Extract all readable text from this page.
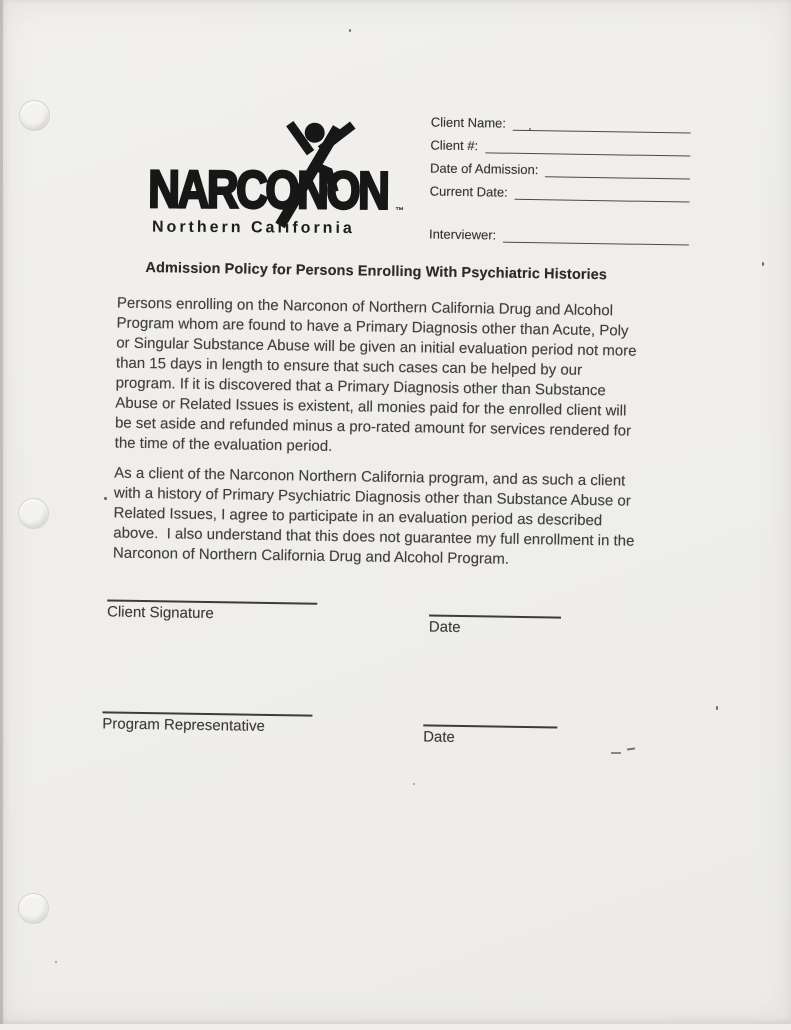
NARCONON ™
Northern California
Client Name:
Client #:
Date of Admission:
Current Date:
Interviewer:
Admission Policy for Persons Enrolling With Psychiatric Histories
Persons enrolling on the Narconon of Northern California Drug and Alcohol
Program whom are found to have a Primary Diagnosis other than Acute, Poly
or Singular Substance Abuse will be given an initial evaluation period not more
than 15 days in length to ensure that such cases can be helped by our
program. If it is discovered that a Primary Diagnosis other than Substance
Abuse or Related Issues is existent, all monies paid for the enrolled client will
be set aside and refunded minus a pro-rated amount for services rendered for
the time of the evaluation period.
As a client of the Narconon Northern California program, and as such a client
with a history of Primary Psychiatric Diagnosis other than Substance Abuse or
Related Issues, I agree to participate in an evaluation period as described
above.  I also understand that this does not guarantee my full enrollment in the
Narconon of Northern California Drug and Alcohol Program.
Client Signature
Date
Program Representative
Date
